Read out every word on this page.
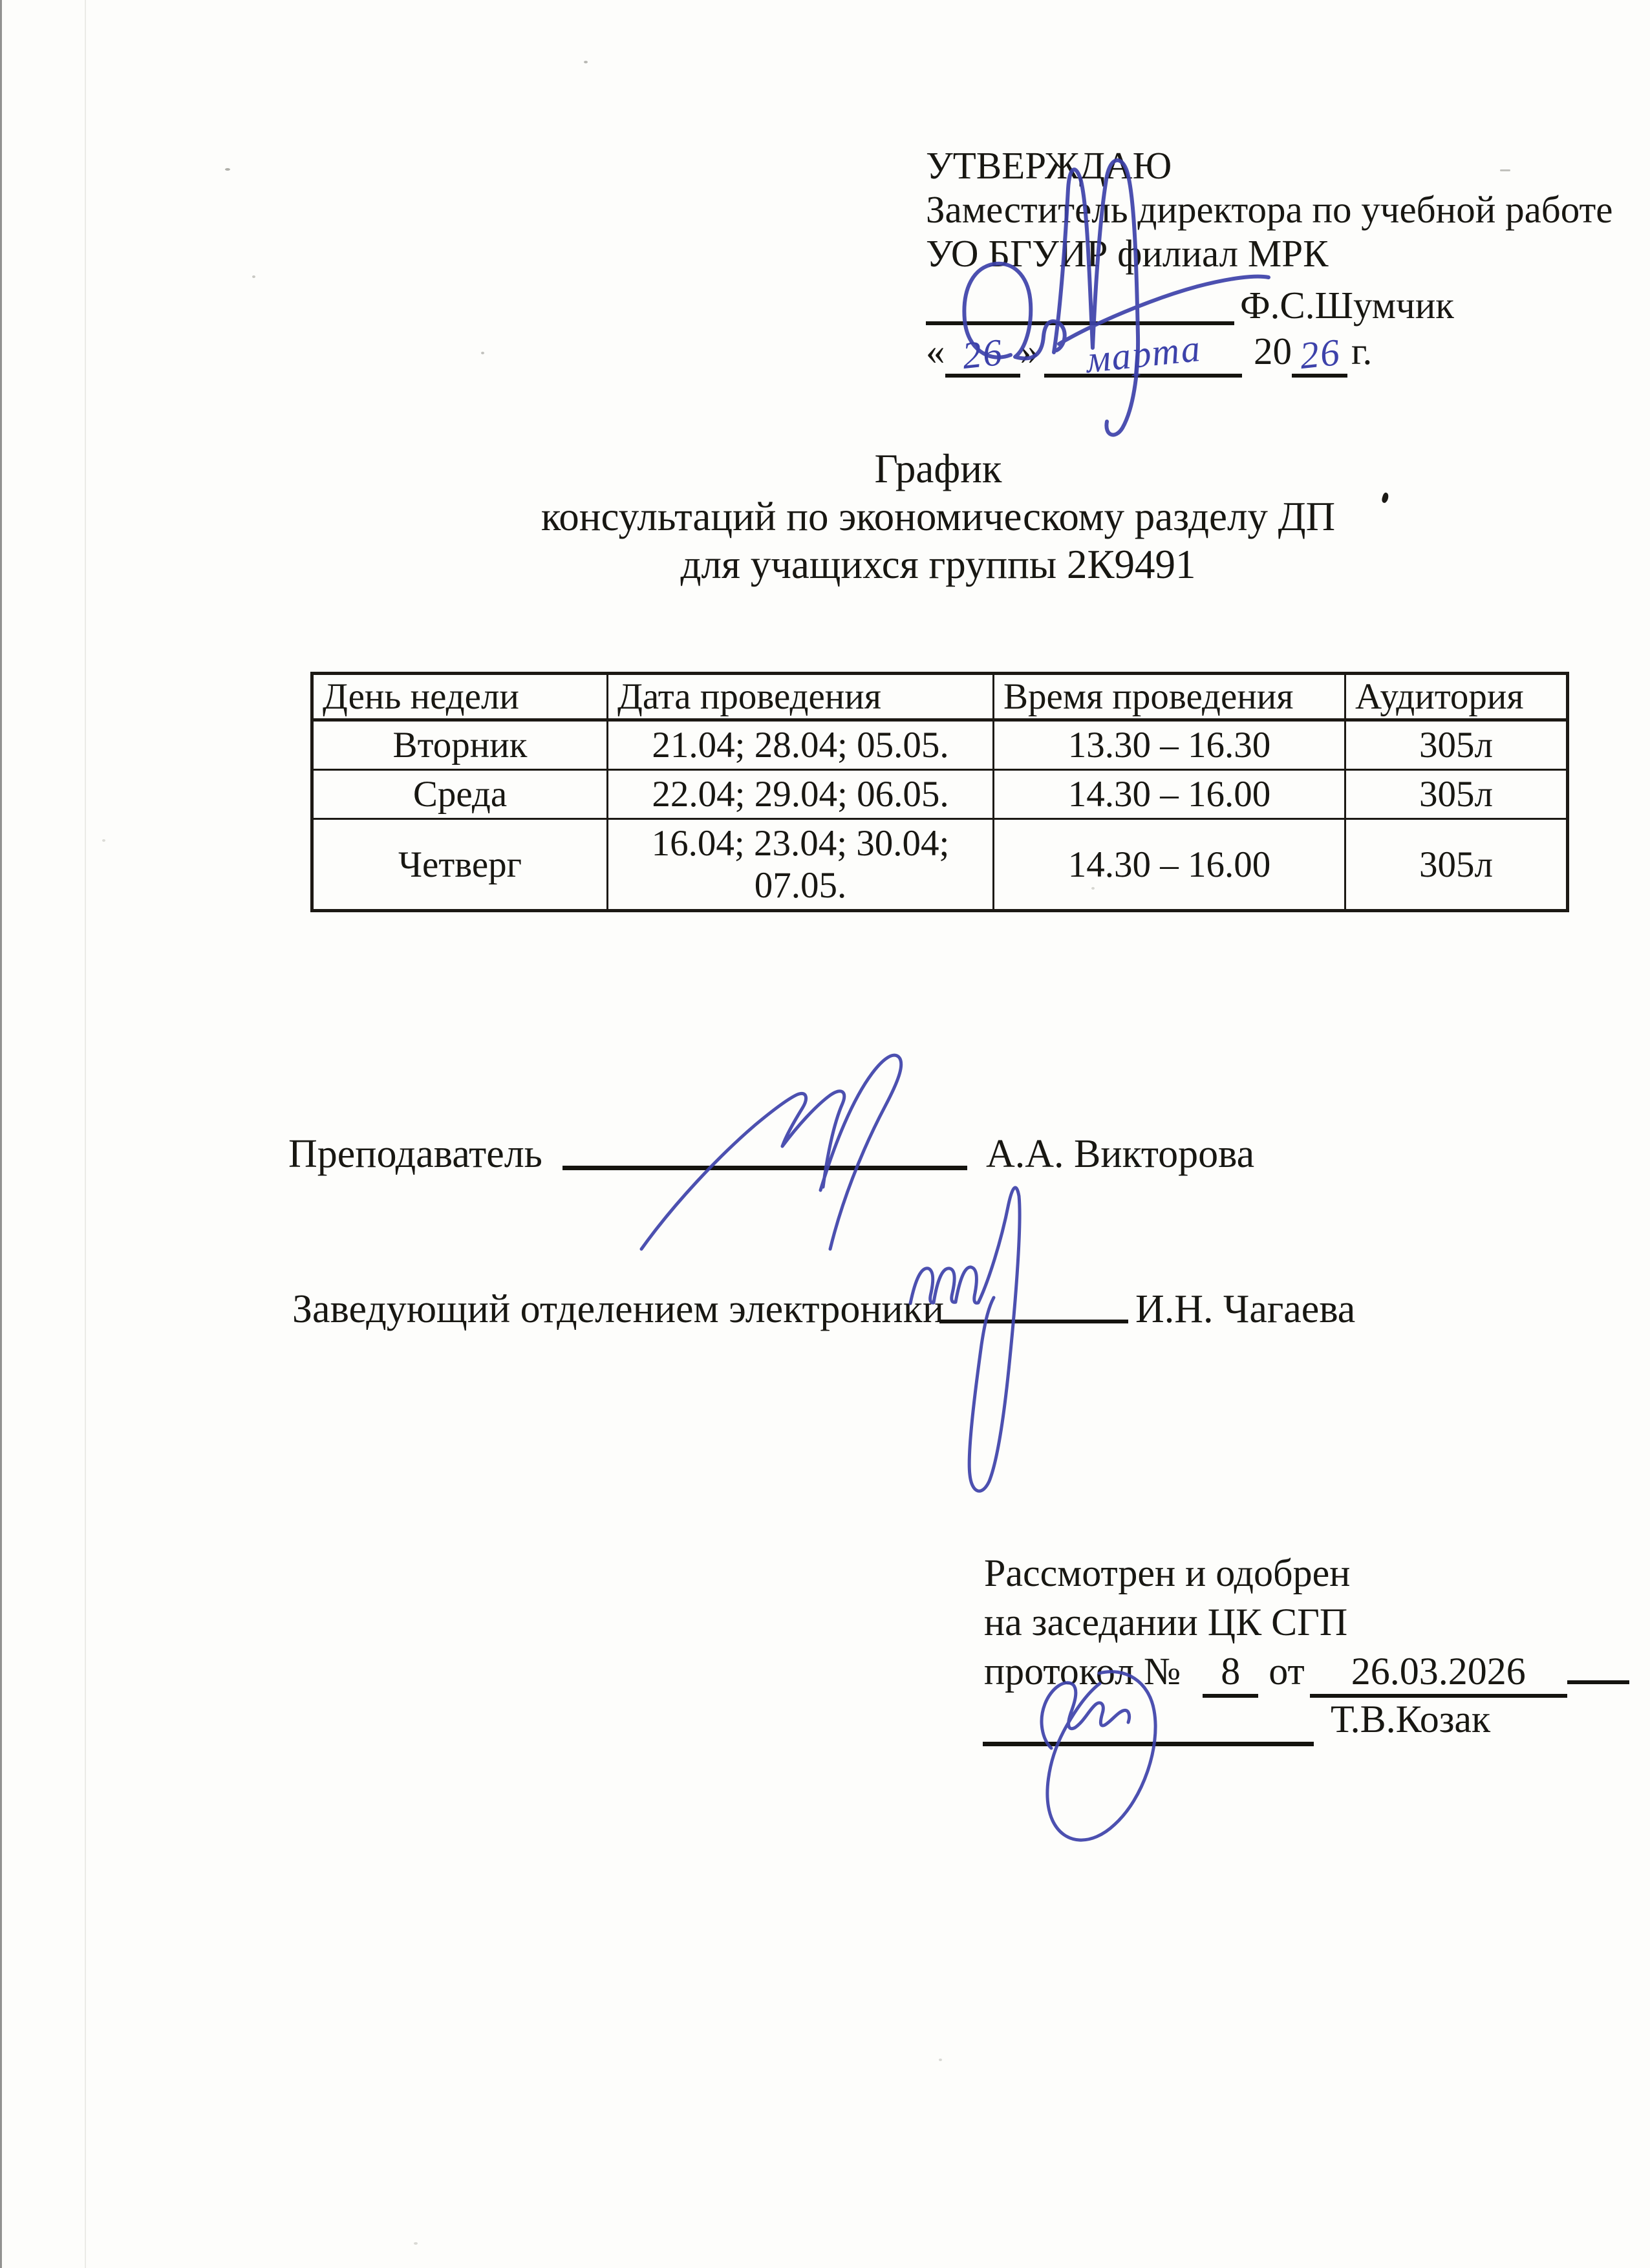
УТВЕРЖДАЮ
Заместитель директора по учебной работе
УО БГУИР филиал МРК
Ф.С.Шумчик
« 26 » марта 20 26 г.
График
консультаций по экономическому разделу ДП
для учащихся группы 2К9491
День недели	Дата проведения	Время проведения	Аудитория
Вторник	21.04; 28.04; 05.05.	13.30 – 16.30	305л
Среда	22.04; 29.04; 06.05.	14.30 – 16.00	305л
Четверг	16.04; 23.04; 30.04; 07.05.	14.30 – 16.00	305л
Преподаватель	А.А. Викторова
Заведующий отделением электроники	И.Н. Чагаева
Рассмотрен и одобрен
на заседании ЦК СГП
протокол № 8 от 26.03.2026
Т.В.Козак
